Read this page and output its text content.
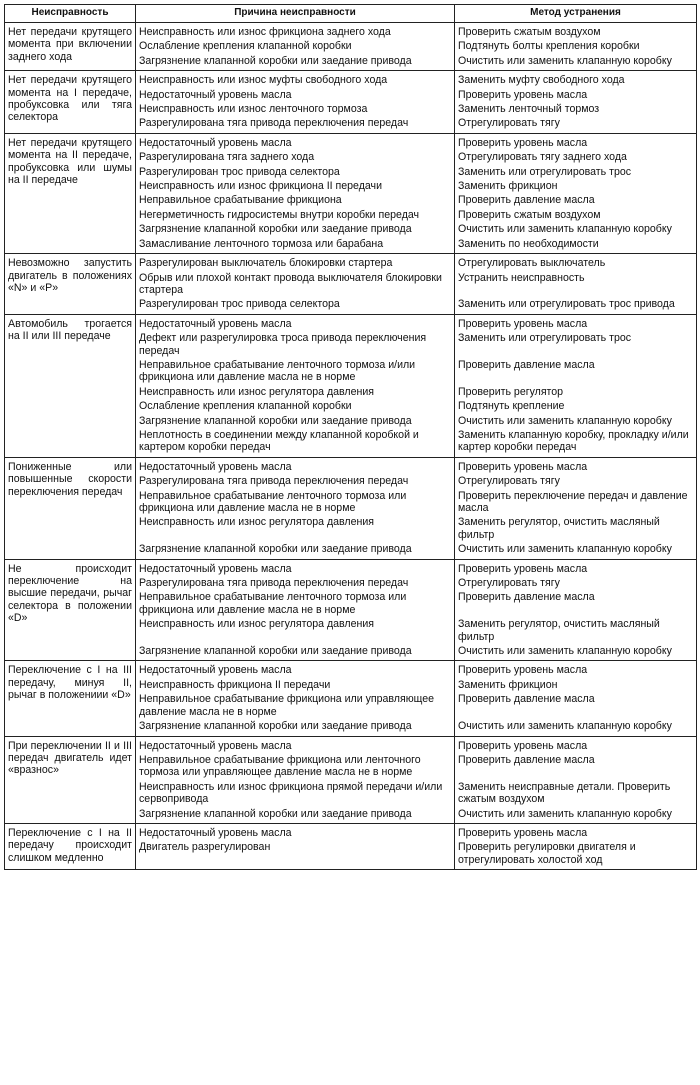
Неисправность	Причина неисправности	Метод устранения
Нет передачи крутящего момента при включении заднего хода	Неисправность или износ фрикциона заднего хода	Проверить сжатым воздухом
	Ослабление крепления клапанной коробки	Подтянуть болты крепления коробки
	Загрязнение клапанной коробки или заедание привода	Очистить или заменить клапанную коробку
Нет передачи крутящего момента на I передаче, пробуксовка или тяга селектора	Неисправность или износ муфты свободного хода	Заменить муфту свободного хода
	Недостаточный уровень масла	Проверить уровень масла
	Неисправность или износ ленточного тормоза	Заменить ленточный тормоз
	Разрегулирована тяга привода переключения передач	Отрегулировать тягу
Нет передачи крутящего момента на II передаче, пробуксовка или шумы на II передаче	Недостаточный уровень масла	Проверить уровень масла
	Разрегулирована тяга заднего хода	Отрегулировать тягу заднего хода
	Разрегулирован трос привода селектора	Заменить или отрегулировать трос
	Неисправность или износ фрикциона II передачи	Заменить фрикцион
	Неправильное срабатывание фрикциона	Проверить давление масла
	Негерметичность гидросистемы внутри коробки передач	Проверить сжатым воздухом
	Загрязнение клапанной коробки или заедание привода	Очистить или заменить клапанную коробку
	Замасливание ленточного тормоза или барабана	Заменить по необходимости
Невозможно запустить двигатель в положениях «N» и «P»	Разрегулирован выключатель блокировки стартера	Отрегулировать выключатель
	Обрыв или плохой контакт провода выключателя блокировки стартера	Устранить неисправность
	Разрегулирован трос привода селектора	Заменить или отрегулировать трос привода
Автомобиль трогается на II или III передаче	Недостаточный уровень масла	Проверить уровень масла
	Дефект или разрегулировка троса привода переключения передач	Заменить или отрегулировать трос
	Неправильное срабатывание ленточного тормоза и/или фрикциона или давление масла не в норме	Проверить давление масла
	Неисправность или износ регулятора давления	Проверить регулятор
	Ослабление крепления клапанной коробки	Подтянуть крепление
	Загрязнение клапанной коробки или заедание привода	Очистить или заменить клапанную коробку
	Неплотность в соединении между клапанной коробкой и картером коробки передач	Заменить клапанную коробку, прокладку и/или картер коробки передач
Пониженные или повышенные скорости переключения передач	Недостаточный уровень масла	Проверить уровень масла
	Разрегулирована тяга привода переключения передач	Отрегулировать тягу
	Неправильное срабатывание ленточного тормоза или фрикциона или давление масла не в норме	Проверить переключение передач и давление масла
	Неисправность или износ регулятора давления	Заменить регулятор, очистить масляный фильтр
	Загрязнение клапанной коробки или заедание привода	Очистить или заменить клапанную коробку
Не происходит переключение на высшие передачи, рычаг селектора в положении «D»	Недостаточный уровень масла	Проверить уровень масла
	Разрегулирована тяга привода переключения передач	Отрегулировать тягу
	Неправильное срабатывание ленточного тормоза или фрикциона или давление масла не в норме	Проверить давление масла
	Неисправность или износ регулятора давления	Заменить регулятор, очистить масляный фильтр
	Загрязнение клапанной коробки или заедание привода	Очистить или заменить клапанную коробку
Переключение с I на III передачу, минуя II, рычаг в положениии «D»	Недостаточный уровень масла	Проверить уровень масла
	Неисправность фрикциона II передачи	Заменить фрикцион
	Неправильное срабатывание фрикциона или управляющее давление масла не в норме	Проверить давление масла
	Загрязнение клапанной коробки или заедание привода	Очистить или заменить клапанную коробку
При переключении II и III передач двигатель идет «вразнос»	Недостаточный уровень масла	Проверить уровень масла
	Неправильное срабатывание фрикциона или ленточного тормоза или управляющее давление масла не в норме	Проверить давление масла
	Неисправность или износ фрикциона прямой передачи и/или сервопривода	Заменить неисправные детали. Проверить сжатым воздухом
	Загрязнение клапанной коробки или заедание привода	Очистить или заменить клапанную коробку
Переключение с I на II передачу происходит слишком медленно	Недостаточный уровень масла	Проверить уровень масла
	Двигатель разрегулирован	Проверить регулировки двигателя и отрегулировать холостой ход
